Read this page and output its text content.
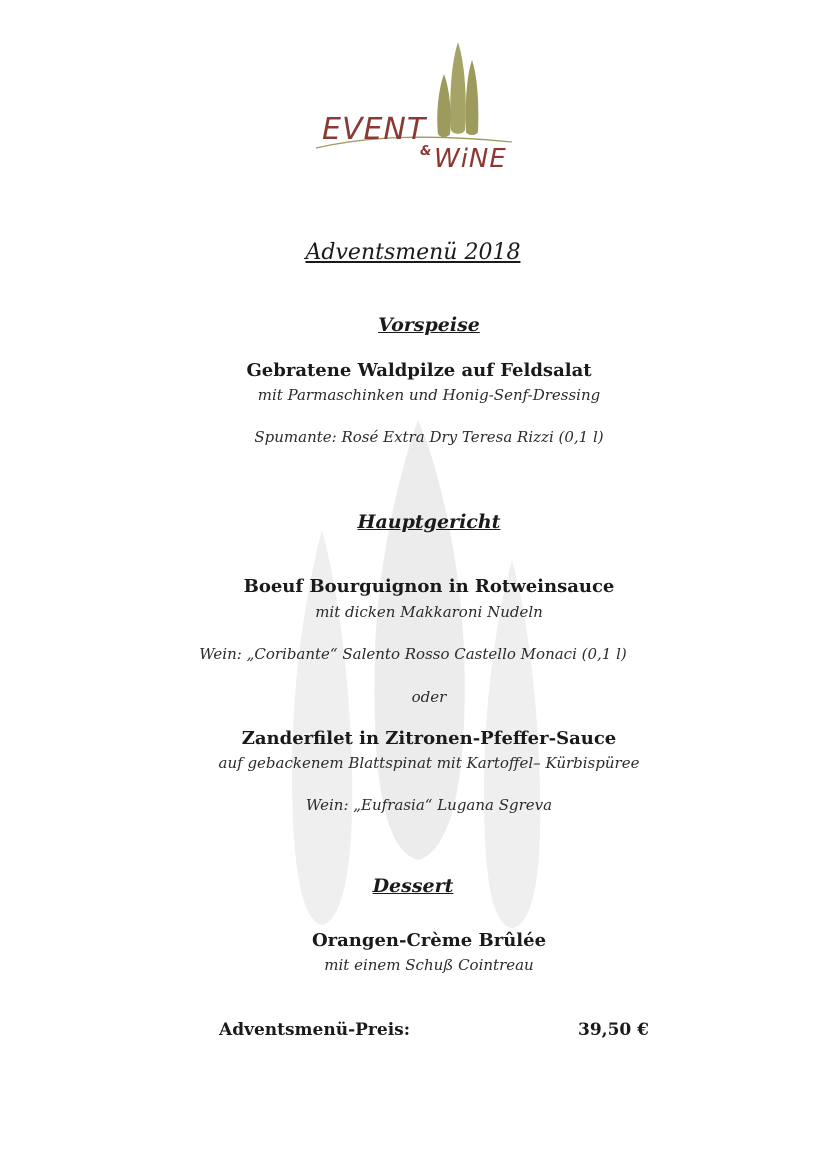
EVENT
& WiNE
Adventsmenü 2018
Vorspeise
Gebratene Waldpilze auf Feldsalat
mit Parmaschinken und Honig-Senf-Dressing
Spumante: Rosé Extra Dry Teresa Rizzi (0,1 l)
Hauptgericht
Boeuf Bourguignon in Rotweinsauce
mit dicken Makkaroni Nudeln
Wein: „Coribante“ Salento Rosso Castello Monaci (0,1 l)
oder
Zanderfilet in Zitronen-Pfeffer-Sauce
auf gebackenem Blattspinat mit Kartoffel– Kürbispüree
Wein: „Eufrasia“ Lugana Sgreva
Dessert
Orangen-Crème Brûlée
mit einem Schuß Cointreau
Adventsmenü-Preis:	39,50 €
